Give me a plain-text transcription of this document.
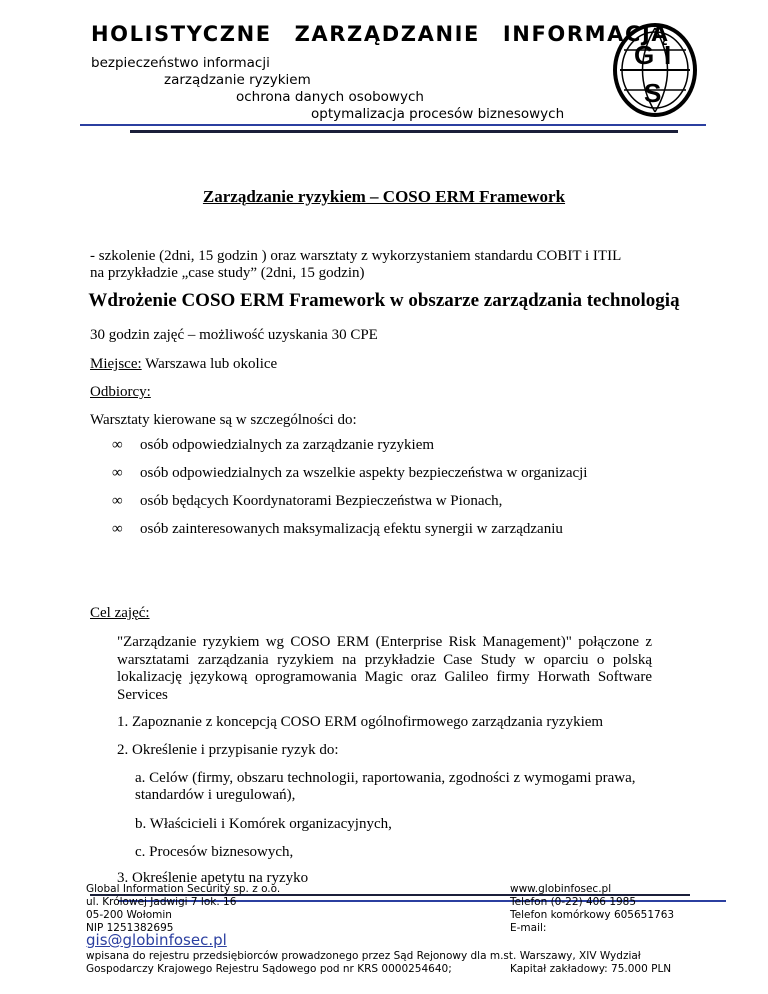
HOLISTYCZNE ZARZĄDZANIE INFORMACJĄ
bezpieczeństwo informacji
zarządzanie ryzykiem
ochrona danych osobowych
optymalizacja procesów biznesowych
G I
S
Zarządzanie ryzykiem – COSO ERM Framework
- szkolenie (2dni, 15 godzin ) oraz warsztaty z wykorzystaniem standardu COBIT i ITIL
na przykładzie „case study” (2dni, 15 godzin)
Wdrożenie COSO ERM Framework w obszarze zarządzania technologią
30 godzin zajęć – możliwość uzyskania 30 CPE
Miejsce: Warszawa lub okolice
Odbiorcy:
Warsztaty kierowane są w szczególności do:
∞ osób odpowiedzialnych za zarządzanie ryzykiem
∞ osób odpowiedzialnych za wszelkie aspekty bezpieczeństwa w organizacji
∞ osób będących Koordynatorami Bezpieczeństwa w Pionach,
∞ osób zainteresowanych maksymalizacją efektu synergii w zarządzaniu
Cel zajęć:
"Zarządzanie ryzykiem wg COSO ERM (Enterprise Risk Management)" połączone z warsztatami zarządzania ryzykiem na przykładzie Case Study w oparciu o polską lokalizację językową oprogramowania Magic oraz Galileo firmy Horwath Software Services
1. Zapoznanie z koncepcją COSO ERM ogólnofirmowego zarządzania ryzykiem
2. Określenie i przypisanie ryzyk do:
a. Celów (firmy, obszaru technologii, raportowania, zgodności z wymogami prawa,
standardów i uregulowań),
b. Właścicieli i Komórek organizacyjnych,
c. Procesów biznesowych,
3. Określenie apetytu na ryzyko
Global Information Security sp. z o.o.
ul. Królowej Jadwigi 7 lok. 16
05-200 Wołomin
NIP 1251382695
www.globinfosec.pl
Telefon (0-22) 406 1985
Telefon komórkowy 605651763
E-mail:
gis@globinfosec.pl
wpisana do rejestru przedsiębiorców prowadzonego przez Sąd Rejonowy dla m.st. Warszawy, XIV Wydział
Gospodarczy Krajowego Rejestru Sądowego pod nr KRS 0000254640;	Kapitał zakładowy: 75.000 PLN
